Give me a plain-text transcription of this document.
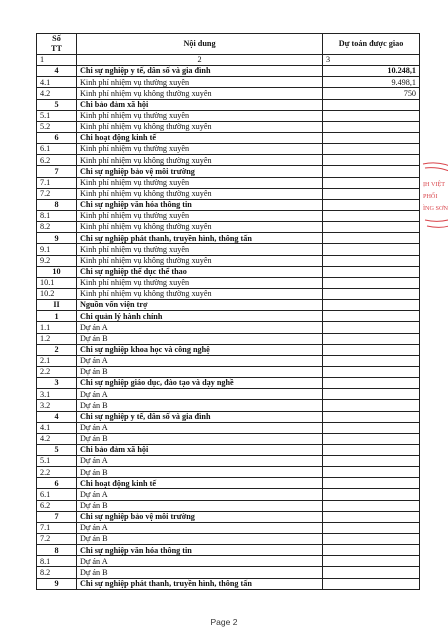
Số
TT	Nội dung	Dự toán được giao
1	2	3
4	Chi sự nghiệp y tế, dân số và gia đình	10.248,1
4.1	Kinh phí nhiệm vụ thường xuyên	9.498,1
4.2	Kinh phí nhiệm vụ không thường xuyên	750
5	Chi bảo đảm xã hội	
5.1	Kinh phí nhiệm vụ thường xuyên	
5.2	Kinh phí nhiệm vụ không thường xuyên	
6	Chi hoạt động kinh tế	
6.1	Kinh phí nhiệm vụ thường xuyên	
6.2	Kinh phí nhiệm vụ không thường xuyên	
7	Chi sự nghiệp bảo vệ môi trường	
7.1	Kinh phí nhiệm vụ thường xuyên	
7.2	Kinh phí nhiệm vụ không thường xuyên	
8	Chi sự nghiệp văn hóa thông tin	
8.1	Kinh phí nhiệm vụ thường xuyên	
8.2	Kinh phí nhiệm vụ không thường xuyên	
9	Chi sự nghiệp phát thanh, truyền hình, thông tấn	
9.1	Kinh phí nhiệm vụ thường xuyên	
9.2	Kinh phí nhiệm vụ không thường xuyên	
10	Chi sự nghiệp thể dục thể thao	
10.1	Kinh phí nhiệm vụ thường xuyên	
10.2	Kinh phí nhiệm vụ không thường xuyên	
II	Nguồn vốn viện trợ	
1	Chi quản lý hành chính	
1.1	Dự án A	
1.2	Dự án B	
2	Chi sự nghiệp khoa học và công nghệ	
2.1	Dự án A	
2.2	Dự án B	
3	Chi sự nghiệp giáo dục, đào tạo và dạy nghề	
3.1	Dự án A	
3.2	Dự án B	
4	Chi sự nghiệp y tế, dân số và gia đình	
4.1	Dự án A	
4.2	Dự án B	
5	Chi bảo đảm xã hội	
5.1	Dự án A	
2.2	Dự án B	
6	Chi hoạt động kinh tế	
6.1	Dự án A	
6.2	Dự án B	
7	Chi sự nghiệp bảo vệ môi trường	
7.1	Dự án A	
7.2	Dự án B	
8	Chi sự nghiệp văn hóa thông tin	
8.1	Dự án A	
8.2	Dự án B	
9	Chi sự nghiệp phát thanh, truyền hình, thông tấn	
ỊH VIỆT
PHỐI
ÌNG SƠN
Page 2
